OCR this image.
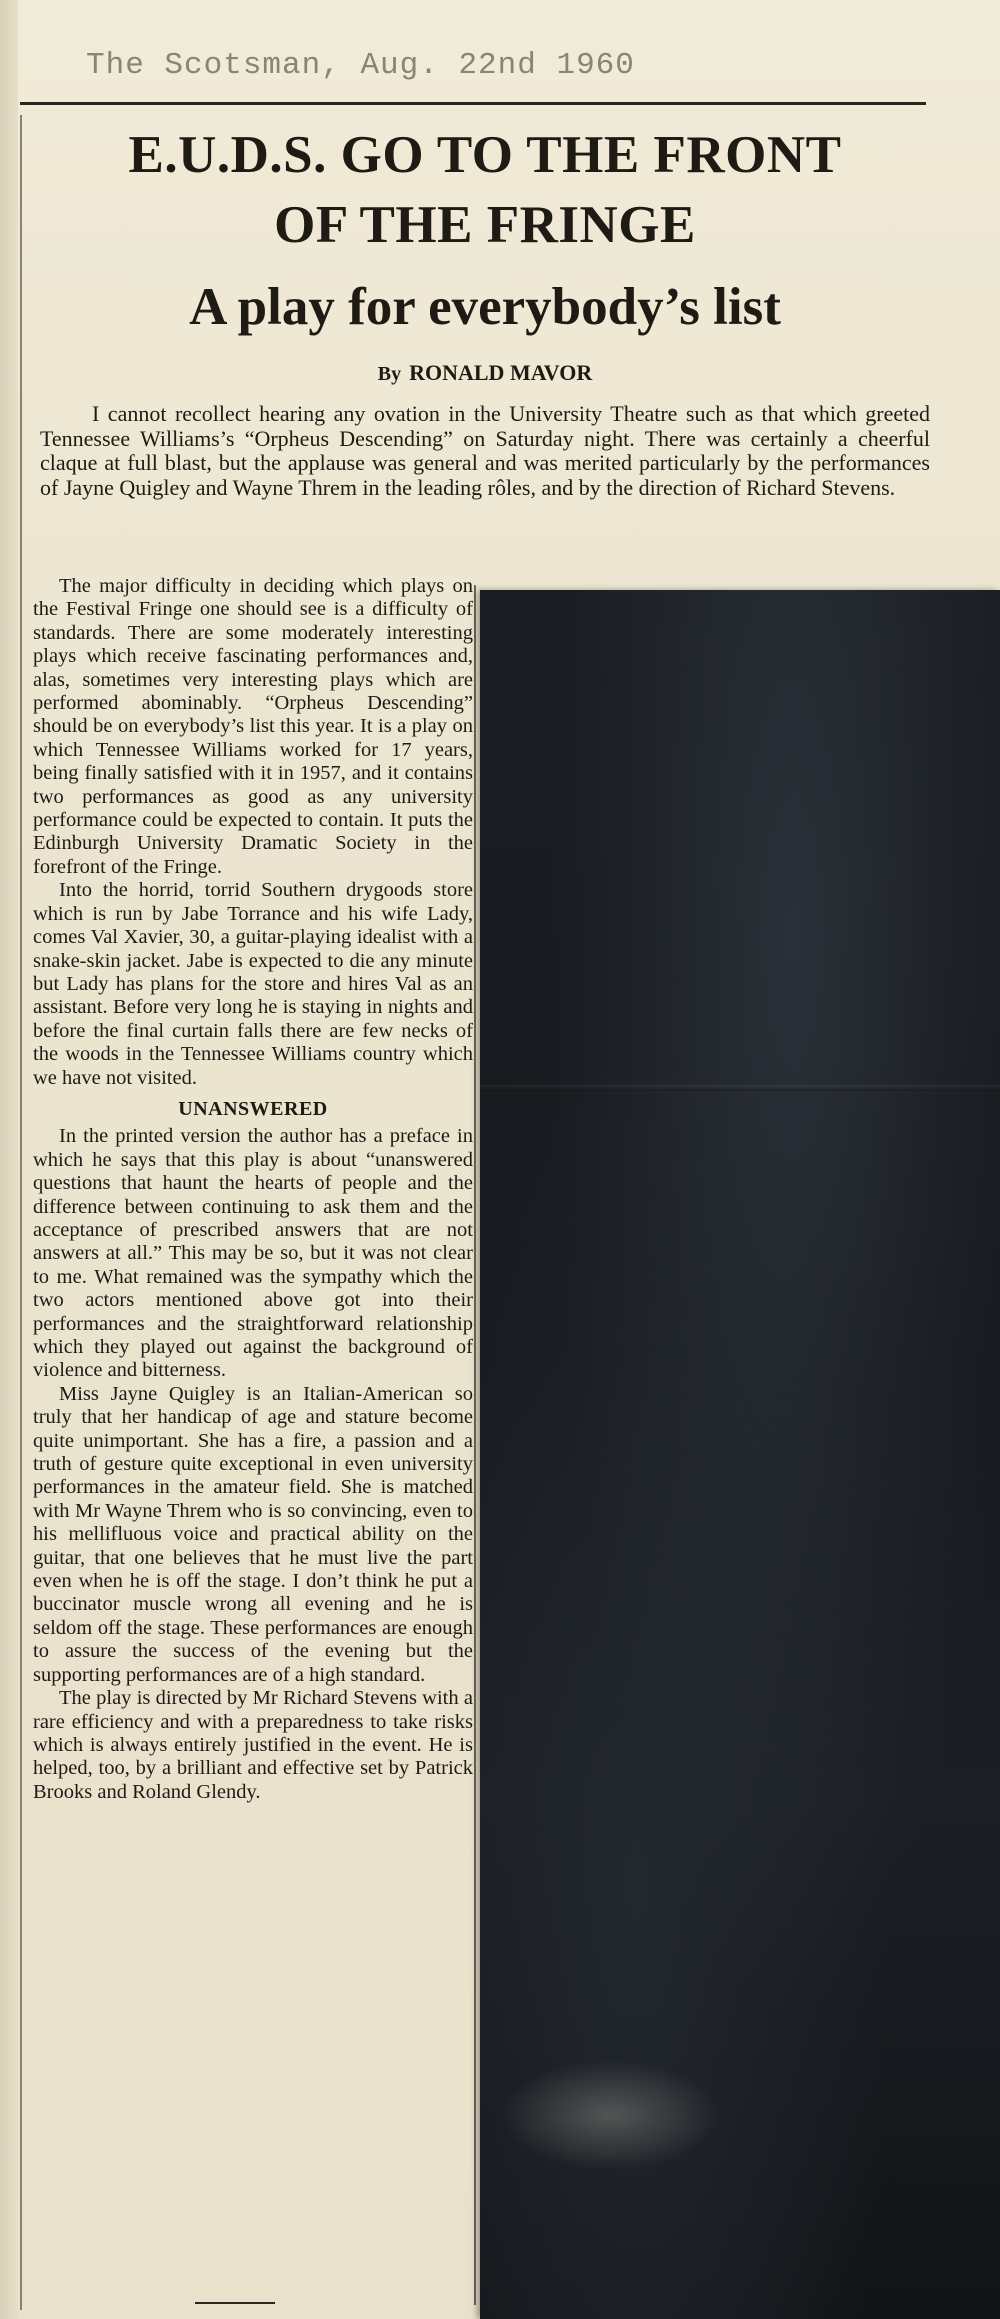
The Scotsman, Aug. 22nd 1960
E.U.D.S. GO TO THE FRONT
OF THE FRINGE
A play for everybody’s list
By RONALD MAVOR

I cannot recollect hearing any ovation in the University Theatre such as that which greeted Tennessee Williams’s “Orpheus Descending” on Saturday night. There was certainly a cheerful claque at full blast, but the applause was general and was merited particularly by the performances of Jayne Quigley and Wayne Threm in the leading rôles, and by the direction of Richard Stevens.

The major difficulty in deciding which plays on the Festival Fringe one should see is a difficulty of standards. There are some moderately interesting plays which receive fascinating performances and, alas, sometimes very interesting plays which are performed abominably. “Orpheus Descending” should be on everybody’s list this year. It is a play on which Tennessee Williams worked for 17 years, being finally satisfied with it in 1957, and it contains two performances as good as any university performance could be expected to contain. It puts the Edinburgh University Dramatic Society in the forefront of the Fringe.

Into the horrid, torrid Southern drygoods store which is run by Jabe Torrance and his wife Lady, comes Val Xavier, 30, a guitar-playing idealist with a snake-skin jacket. Jabe is expected to die any minute but Lady has plans for the store and hires Val as an assistant. Before very long he is staying in nights and before the final curtain falls there are few necks of the woods in the Tennessee Williams country which we have not visited.

UNANSWERED

In the printed version the author has a preface in which he says that this play is about “unanswered questions that haunt the hearts of people and the difference between continuing to ask them and the acceptance of prescribed answers that are not answers at all.” This may be so, but it was not clear to me. What remained was the sympathy which the two actors mentioned above got into their performances and the straightforward relationship which they played out against the background of violence and bitterness.

Miss Jayne Quigley is an Italian-American so truly that her handicap of age and stature become quite unimportant. She has a fire, a passion and a truth of gesture quite exceptional in even university performances in the amateur field. She is matched with Mr Wayne Threm who is so convincing, even to his mellifluous voice and practical ability on the guitar, that one believes that he must live the part even when he is off the stage. I don’t think he put a buccinator muscle wrong all evening and he is seldom off the stage. These performances are enough to assure the success of the evening but the supporting performances are of a high standard.

The play is directed by Mr Richard Stevens with a rare efficiency and with a preparedness to take risks which is always entirely justified in the event. He is helped, too, by a brilliant and effective set by Patrick Brooks and Roland Glendy.
